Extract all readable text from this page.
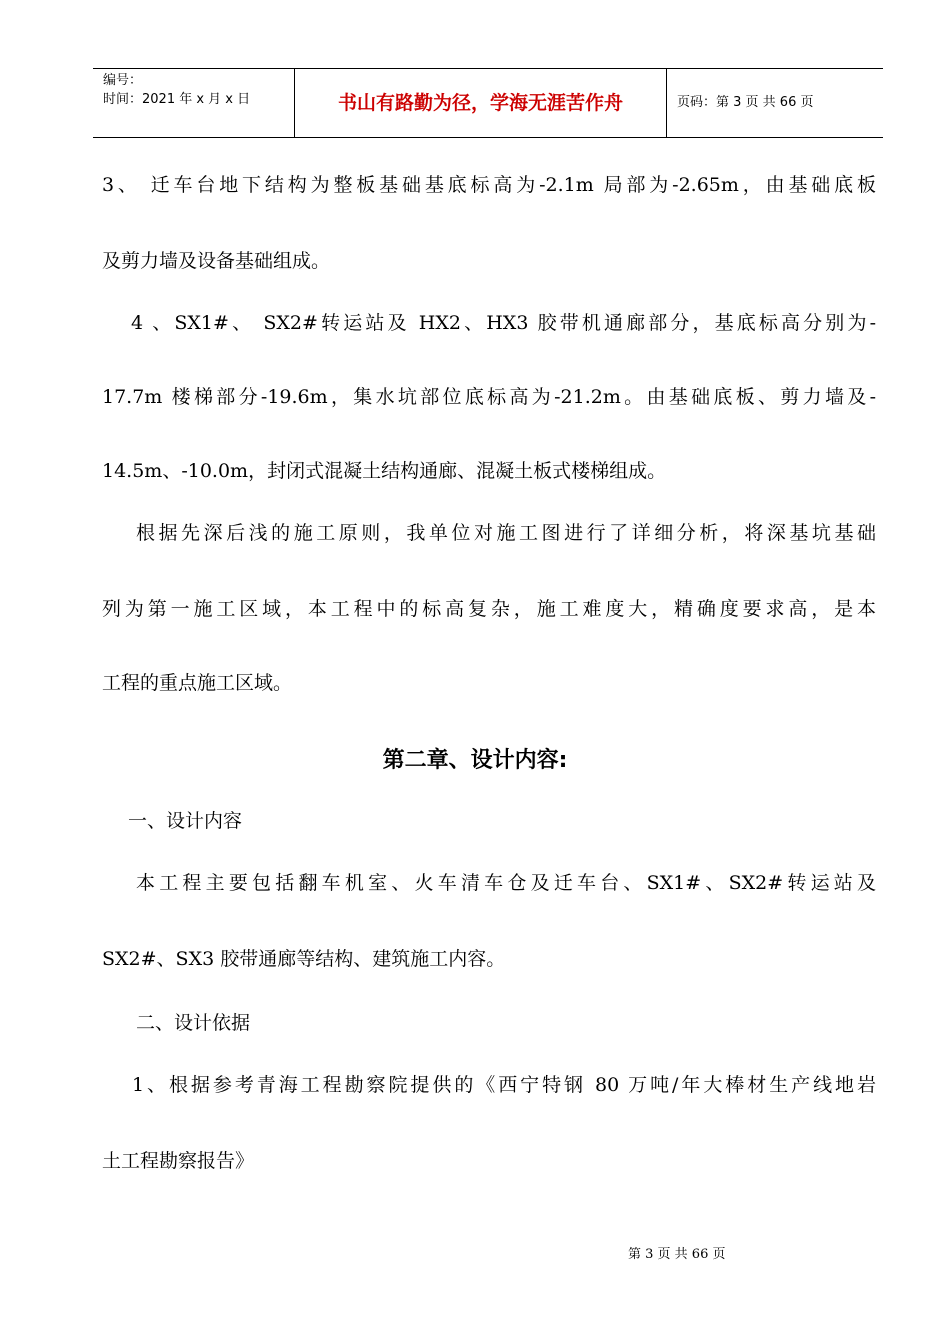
编号：
时间：2021 年 x 月 x 日	书山有路勤为径，学海无涯苦作舟	页码：第 3 页 共 66 页
3、 迁车台地下结构为整板基础基底标高为-2.1m 局部为-2.65m，由基础底板
及剪力墙及设备基础组成。
4 、SX1#、 SX2#转运站及 HX2、HX3 胶带机通廊部分，基底标高分别为-
17.7m 楼梯部分-19.6m，集水坑部位底标高为-21.2m。由基础底板、剪力墙及-
14.5m、-10.0m，封闭式混凝土结构通廊、混凝土板式楼梯组成。
根据先深后浅的施工原则，我单位对施工图进行了详细分析，将深基坑基础
列为第一施工区域，本工程中的标高复杂，施工难度大，精确度要求高，是本
工程的重点施工区域。
第二章、设计内容:
一、设计内容
本工程主要包括翻车机室、火车清车仓及迁车台、SX1#、SX2#转运站及
SX2#、SX3 胶带通廊等结构、建筑施工内容。
二、设计依据
1、根据参考青海工程勘察院提供的《西宁特钢 80 万吨/年大棒材生产线地岩
土工程勘察报告》
第 3 页 共 66 页
